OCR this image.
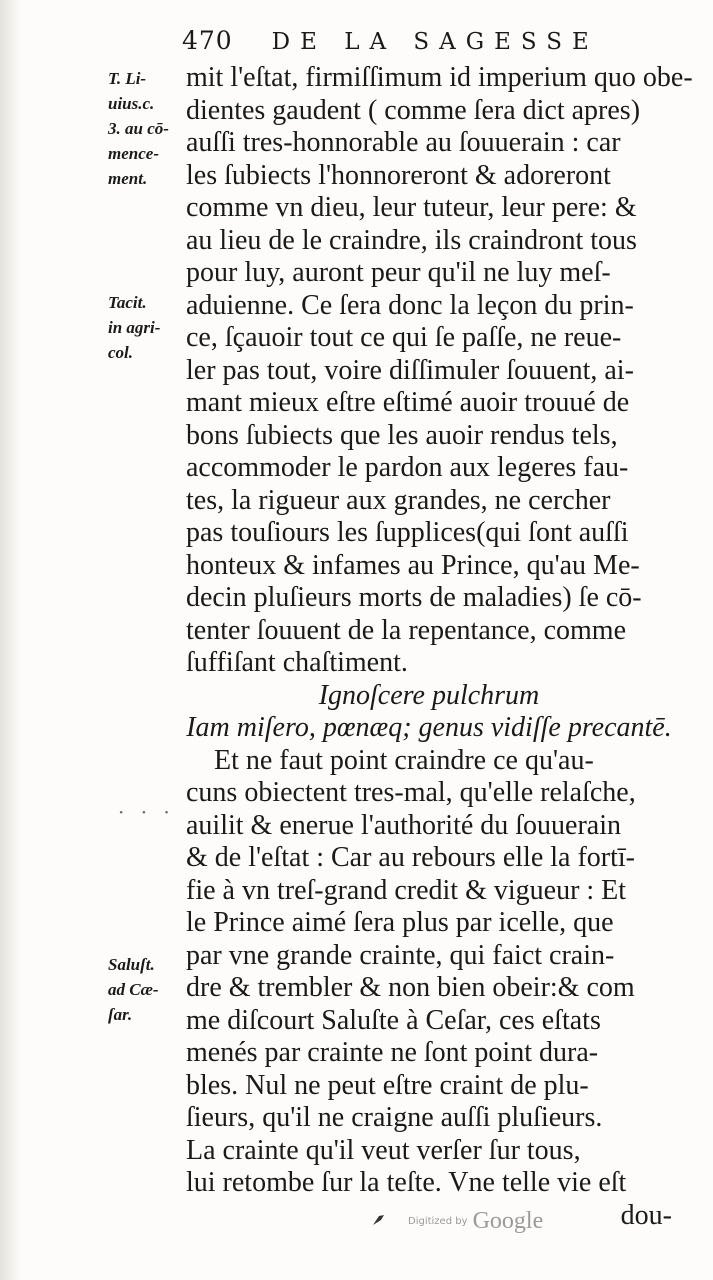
470 DE LA SAGESSE
T. Li-
uius.c.
3. au cō-
mence-
ment.
Tacit.
in agri-
col.
Saluſt.
ad Cæ-
ſar.
· · ·
mit l'eſtat, firmiſſimum id imperium quo obe-
dientes gaudent ( comme ſera dict apres)
auſſi tres-honnorable au ſouuerain : car
les ſubiects l'honnoreront & adoreront
comme vn dieu, leur tuteur, leur pere: &
au lieu de le craindre, ils craindront tous
pour luy, auront peur qu'il ne luy meſ-
aduienne. Ce ſera donc la leçon du prin-
ce, ſçauoir tout ce qui ſe paſſe, ne reue-
ler pas tout, voire diſſimuler ſouuent, ai-
mant mieux eſtre eſtimé auoir trouué de
bons ſubiects que les auoir rendus tels,
accommoder le pardon aux legeres fau-
tes, la rigueur aux grandes, ne cercher
pas touſiours les ſupplices(qui ſont auſſi
honteux & infames au Prince, qu'au Me-
decin pluſieurs morts de maladies) ſe cō-
tenter ſouuent de la repentance, comme
ſuffiſant chaſtiment.
Ignoſcere pulchrum
Iam miſero, pœnæq; genus vidiſſe precantē.
Et ne faut point craindre ce qu'au-
cuns obiectent tres-mal, qu'elle relaſche,
auilit & enerue l'authorité du ſouuerain
& de l'eſtat : Car au rebours elle la fortī-
fie à vn treſ-grand credit & vigueur : Et
le Prince aimé ſera plus par icelle, que
par vne grande crainte, qui faict crain-
dre & trembler & non bien obeir:& com
me diſcourt Saluſte à Ceſar, ces eſtats
menés par crainte ne ſont point dura-
bles. Nul ne peut eſtre craint de plu-
ſieurs, qu'il ne craigne auſſi pluſieurs.
La crainte qu'il veut verſer ſur tous,
lui retombe ſur la teſte. Vne telle vie eſt
dou-
Digitized by Google
